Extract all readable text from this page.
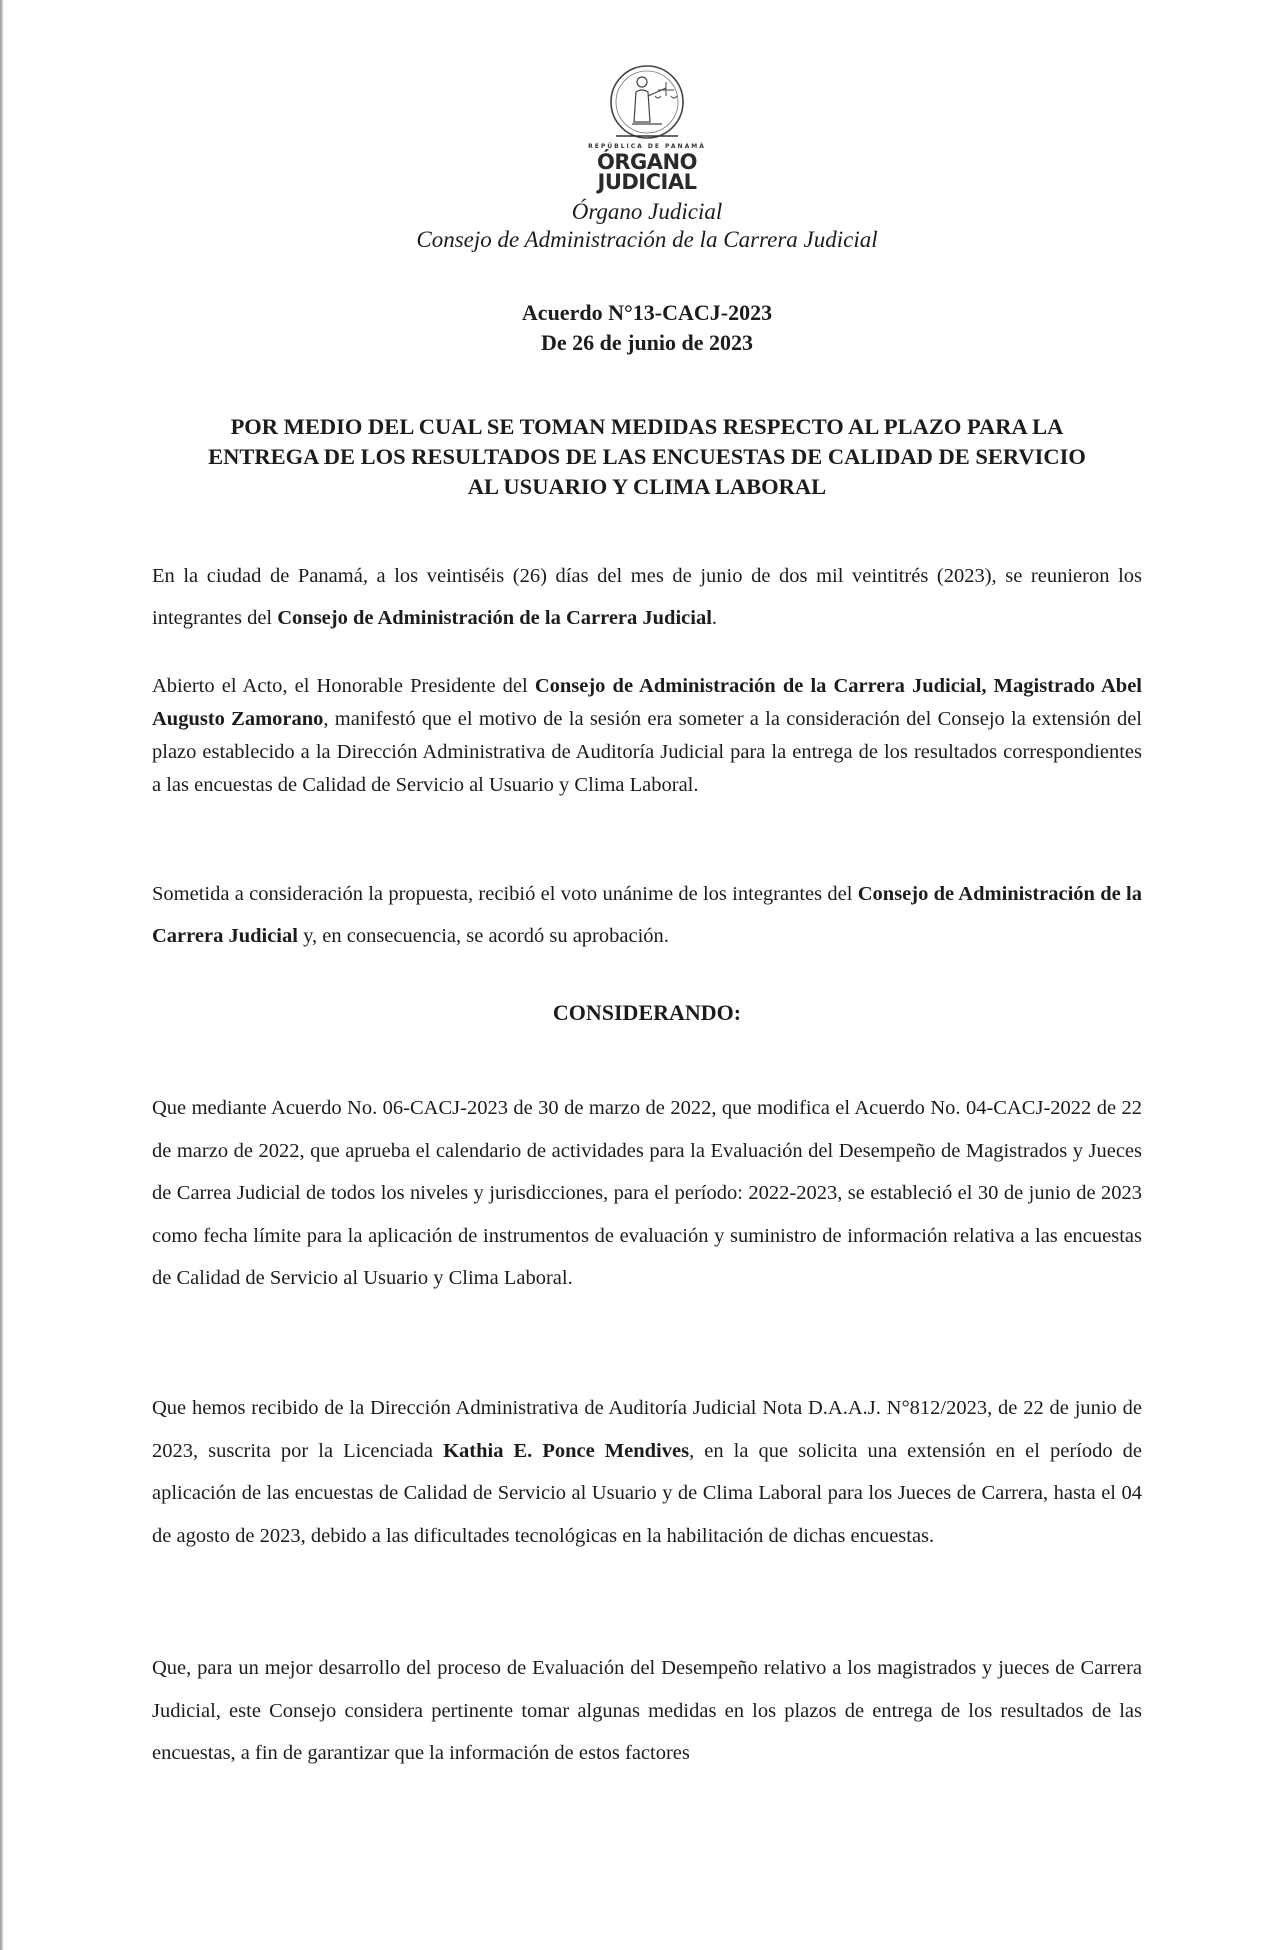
REPÚBLICA DE PANAMÁ
ÓRGANO
JUDICIAL
Órgano Judicial
Consejo de Administración de la Carrera Judicial
Acuerdo N°13-CACJ-2023
De 26 de junio de 2023
POR MEDIO DEL CUAL SE TOMAN MEDIDAS RESPECTO AL PLAZO PARA LA
ENTREGA DE LOS RESULTADOS DE LAS ENCUESTAS DE CALIDAD DE SERVICIO
AL USUARIO Y CLIMA LABORAL

En la ciudad de Panamá, a los veintiséis (26) días del mes de junio de dos mil veintitrés (2023), se reunieron los integrantes del Consejo de Administración de la Carrera Judicial.

Abierto el Acto, el Honorable Presidente del Consejo de Administración de la Carrera Judicial, Magistrado Abel Augusto Zamorano, manifestó que el motivo de la sesión era someter a la consideración del Consejo la extensión del plazo establecido a la Dirección Administrativa de Auditoría Judicial para la entrega de los resultados correspondientes a las encuestas de Calidad de Servicio al Usuario y Clima Laboral.

Sometida a consideración la propuesta, recibió el voto unánime de los integrantes del Consejo de Administración de la Carrera Judicial y, en consecuencia, se acordó su aprobación.

CONSIDERANDO:

Que mediante Acuerdo No. 06-CACJ-2023 de 30 de marzo de 2022, que modifica el Acuerdo No. 04-CACJ-2022 de 22 de marzo de 2022, que aprueba el calendario de actividades para la Evaluación del Desempeño de Magistrados y Jueces de Carrea Judicial de todos los niveles y jurisdicciones, para el período: 2022-2023, se estableció el 30 de junio de 2023 como fecha límite para la aplicación de instrumentos de evaluación y suministro de información relativa a las encuestas de Calidad de Servicio al Usuario y Clima Laboral.

Que hemos recibido de la Dirección Administrativa de Auditoría Judicial Nota D.A.A.J. N°812/2023, de 22 de junio de 2023, suscrita por la Licenciada Kathia E. Ponce Mendives, en la que solicita una extensión en el período de aplicación de las encuestas de Calidad de Servicio al Usuario y de Clima Laboral para los Jueces de Carrera, hasta el 04 de agosto de 2023, debido a las dificultades tecnológicas en la habilitación de dichas encuestas.

Que, para un mejor desarrollo del proceso de Evaluación del Desempeño relativo a los magistrados y jueces de Carrera Judicial, este Consejo considera pertinente tomar algunas medidas en los plazos de entrega de los resultados de las encuestas, a fin de garantizar que la información de estos factores
